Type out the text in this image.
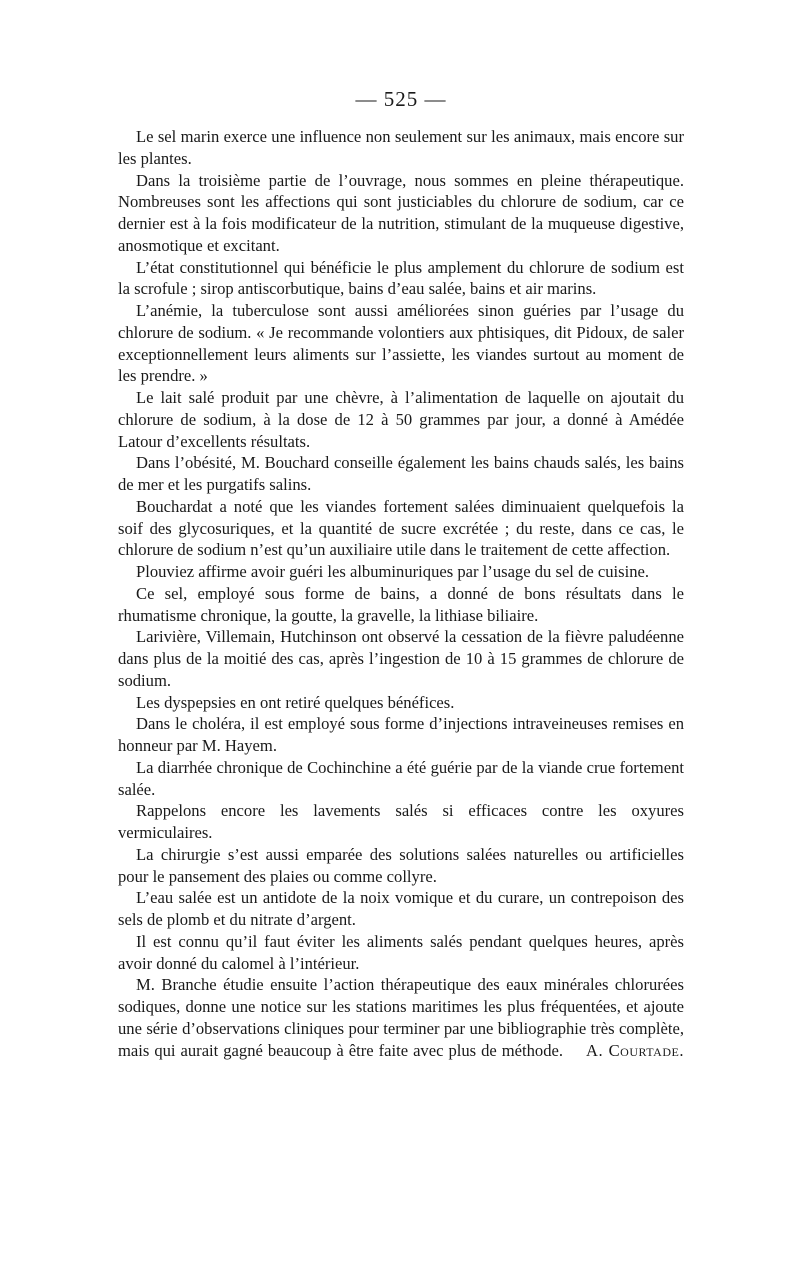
— 525 —

Le sel marin exerce une influence non seulement sur les animaux, mais encore sur les plantes.

Dans la troisième partie de l’ouvrage, nous sommes en pleine thérapeutique. Nombreuses sont les affections qui sont justiciables du chlorure de sodium, car ce dernier est à la fois modificateur de la nutrition, stimulant de la muqueuse digestive, anosmotique et excitant.

L’état constitutionnel qui bénéficie le plus amplement du chlorure de sodium est la scrofule ; sirop antiscorbutique, bains d’eau salée, bains et air marins.

L’anémie, la tuberculose sont aussi améliorées sinon guéries par l’usage du chlorure de sodium. « Je recommande volontiers aux phtisiques, dit Pidoux, de saler exceptionnellement leurs aliments sur l’assiette, les viandes surtout au moment de les prendre. »

Le lait salé produit par une chèvre, à l’alimentation de laquelle on ajoutait du chlorure de sodium, à la dose de 12 à 50 grammes par jour, a donné à Amédée Latour d’excellents résultats.

Dans l’obésité, M. Bouchard conseille également les bains chauds salés, les bains de mer et les purgatifs salins.

Bouchardat a noté que les viandes fortement salées diminuaient quelquefois la soif des glycosuriques, et la quantité de sucre excrétée ; du reste, dans ce cas, le chlorure de sodium n’est qu’un auxiliaire utile dans le traitement de cette affection.

Plouviez affirme avoir guéri les albuminuriques par l’usage du sel de cuisine.

Ce sel, employé sous forme de bains, a donné de bons résultats dans le rhumatisme chronique, la goutte, la gravelle, la lithiase biliaire.

Larivière, Villemain, Hutchinson ont observé la cessation de la fièvre paludéenne dans plus de la moitié des cas, après l’ingestion de 10 à 15 grammes de chlorure de sodium.

Les dyspepsies en ont retiré quelques bénéfices.

Dans le choléra, il est employé sous forme d’injections intraveineuses remises en honneur par M. Hayem.

La diarrhée chronique de Cochinchine a été guérie par de la viande crue fortement salée.

Rappelons encore les lavements salés si efficaces contre les oxyures vermiculaires.

La chirurgie s’est aussi emparée des solutions salées naturelles ou artificielles pour le pansement des plaies ou comme collyre.

L’eau salée est un antidote de la noix vomique et du curare, un contrepoison des sels de plomb et du nitrate d’argent.

Il est connu qu’il faut éviter les aliments salés pendant quelques heures, après avoir donné du calomel à l’intérieur.

M. Branche étudie ensuite l’action thérapeutique des eaux minérales chlorurées sodiques, donne une notice sur les stations maritimes les plus fréquentées, et ajoute une série d’observations cliniques pour terminer par une bibliographie très complète, mais qui aurait gagné beaucoup à être faite avec plus de méthode. A. Courtade.
